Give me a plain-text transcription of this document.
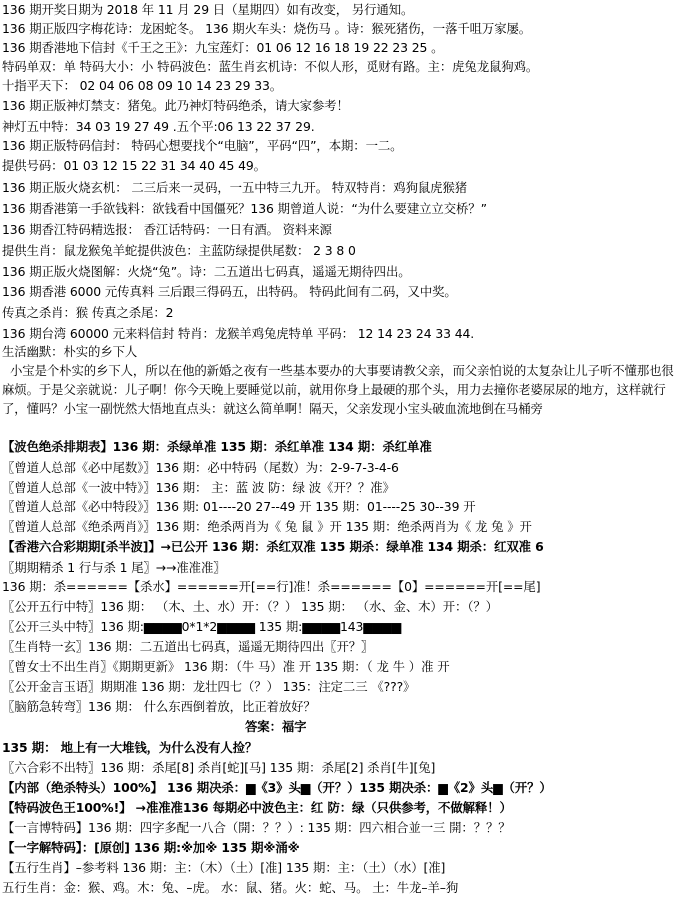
136 期开奖日期为 2018 年 11 月 29 日（星期四）如有改变， 另行通知。
136 期正版四字梅花诗：龙困蛇冬。 136 期火车头：烧伤马 。诗：猴死猪伤，一落千咀万家屡。
136 期香港地下信封《千王之王》：九宝莲灯：01 06 12 16 18 19 22 23 25 。
特码单双：单 特码大小：小 特码波色：蓝生肖玄机诗：不似人形，觅财有路。主：虎兔龙鼠狗鸡。
十指平天下： 02 04 06 08 09 10 14 23 29 33。
136 期正版神灯禁支：猪兔。此乃神灯特码绝杀，请大家参考！
神灯五中特：34 03 19 27 49 .五个平:06 13 22 37 29.
136 期正版特码信封： 特码心想要找个“电脑”，平码“四”，本期：一二。
提供号码：01 03 12 15 22 31 34 40 45 49。
136 期正版火烧玄机： 二三后来一灵码，一五中特三九开。 特双特肖：鸡狗鼠虎猴猪
136 期香港第一手欲钱料：欲钱看中国僵死？136 期曾道人说：“为什么要建立立交桥？”
136 期香江特码精选报： 香江话特码：一日有酒。 资料来源
提供生肖：鼠龙猴兔羊蛇提供波色：主蓝防绿提供尾数： 2 3 8 0
136 期正版火烧图解：火烧“兔”。诗：二五道出七码真，遥遥无期待四出。
136 期香港 6000 元传真料 三后跟三得码五，出特码。 特码此间有二码，又中奖。
传真之杀肖：猴 传真之杀尾：2
136 期台湾 60000 元来料信封 特肖：龙猴羊鸡兔虎特单 平码： 12 14 23 24 33 44.
生活幽默：朴实的乡下人
小宝是个朴实的乡下人，所以在他的新婚之夜有一些基本要办的大事要请教父亲，而父亲怕说的太复杂让儿子听不懂那也很麻烦。于是父亲就说：儿子啊！你今天晚上要睡觉以前，就用你身上最硬的那个头，用力去撞你老婆尿尿的地方，这样就行了，懂吗？小宝一副恍然大悟地直点头：就这么简单啊！隔天，父亲发现小宝头破血流地倒在马桶旁
【波色绝杀排期表】136 期：杀绿单准 135 期：杀红单准 134 期：杀红单准
〖曾道人总部《必中尾数》〗136 期：必中特码（尾数）为：2-9-7-3-4-6
〖曾道人总部《一波中特》〗136 期： 主：蓝 波 防：绿 波《开？？准》
〖曾道人总部《必中特段》〗136 期: 01----20 27--49 开 135 期：01----25 30--39 开
〖曾道人总部《绝杀两肖》〗136 期：绝杀两肖为《 兔 鼠 》开 135 期：绝杀两肖为《 龙 兔 》开
【香港六合彩期期[杀半波]】→已公开 136 期：杀红双准 135 期杀：绿单准 134 期杀：红双准 6
〖期期精杀 1 行与杀 1 尾〗→→准准准〗
136 期：杀======【杀水】======开[==行]准！杀======【0】======开[==尾]
〖公开五行中特〗136 期： （木、土、水）开：（？） 135 期： （水、金、木）开：（？）
〖公开三头中特〗136 期:▆▆▆▆0*1*2▆▆▆▆ 135 期:▆▆▆▆143▆▆▆▆
〖生肖特一玄〗136 期：二五道出七码真，遥遥无期待四出〖开？〗
〖曾女士不出生肖〗《期期更新》 136 期：（牛 马）准 开 135 期：（ 龙 牛 ）准 开
〖公开金言玉语〗期期准 136 期：龙壮四七（？） 135：注定二三 《???》
〖脑筋急转弯〗136 期： 什么东西倒着放，比正着放好？
答案：福字
135 期： 地上有一大堆钱，为什么没有人捡？
〖六合彩不出特〗136 期：杀尾[8] 杀肖[蛇][马] 135 期：杀尾[2] 杀肖[牛][兔]
【内部（绝杀特头）100%】 136 期决杀：▆《3》头▆（开？）135 期决杀：▆《2》头▆（开？）
【特码波色王100%!】 →准准准136 每期必中波色主：红 防：绿（只供参考，不做解释！）
【一言博特码】136 期：四字多配一八合（開：？？）: 135 期：四六相合並一三 開：？？？
【一字解特码】：[原创] 136 期:※加※ 135 期※涌※
【五行生肖】–参考料 136 期：主：（木）（土）[准] 135 期：主：（土）（水）[准]
五行生肖：金：猴、鸡。木：兔、–虎。 水：鼠、猪。火：蛇、马。 土：牛龙–羊–狗
